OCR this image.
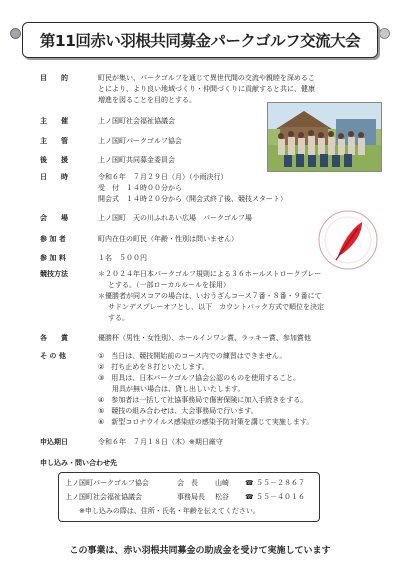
第11回赤い羽根共同募金パークゴルフ交流大会
目　　的	町民が集い、パークゴルフを通じて異世代間の交流や親睦を深めるこ
とにより、より良い地域づくり・仲間づくりに貢献すると共に、健康
増進を図ることを目的とする。
主　　催	上ノ国町社会福祉協議会
主　　管	上ノ国町パークゴルフ協会
後　　援	上ノ国町共同募金委員会
日　　時	令和６年　７月２９日（月）（小雨決行）
受　付　１４時００分から
開会式　１４時２０分から（開会式終了後、競技スタート）
会　　場	上ノ国町　天の川ふれあい広場　パークゴルフ場
参 加 者	町内在住の町民（年齢・性別は問いません）
参 加 料	１名　５００円
競技方法	＊２０２４年日本パークゴルフ規則による３６ホールストロークプレー
とする。（一部ローカルルールを採用）
＊優勝者が同スコアの場合は、いおうざんコース７番・８番・９番にて
サドンデスプレーオフとし、以下　カウントバック方式で順位を決定
する。
各　　賞	優勝杯（男性・女性別）、ホールインワン賞、ラッキー賞、参加賞他
そ の 他	①　 当日は、競技開始前のコース内での練習はできません。
②　 打ち止めを８打といたします。
③　 用具は、日本パークゴルフ協会公認のものを使用すること。
用具が無い場合は、貸し出しいたします。
④　 参加者は一括して社協事務局で傷害保険に加入手続きをする。
⑤　 競技の組み合わせは、大会事務局で行います。
⑥　 新型コロナウイルス感染症の感染予防対策を講じて実施します。
申込期日	令和６年　７月１８日（木）※期日厳守
申し込み・問い合わせ先
上ノ国町パークゴルフ協会	会　長 山崎 ☎ ５５－２８６７
上ノ国町社会福祉協議会	事務局長 松谷 ☎ ５５－４０１６
※申し込みの際は、住所・氏名・年齢を伝えてください。
この事業は、赤い羽根共同募金の助成金を受けて実施しています
